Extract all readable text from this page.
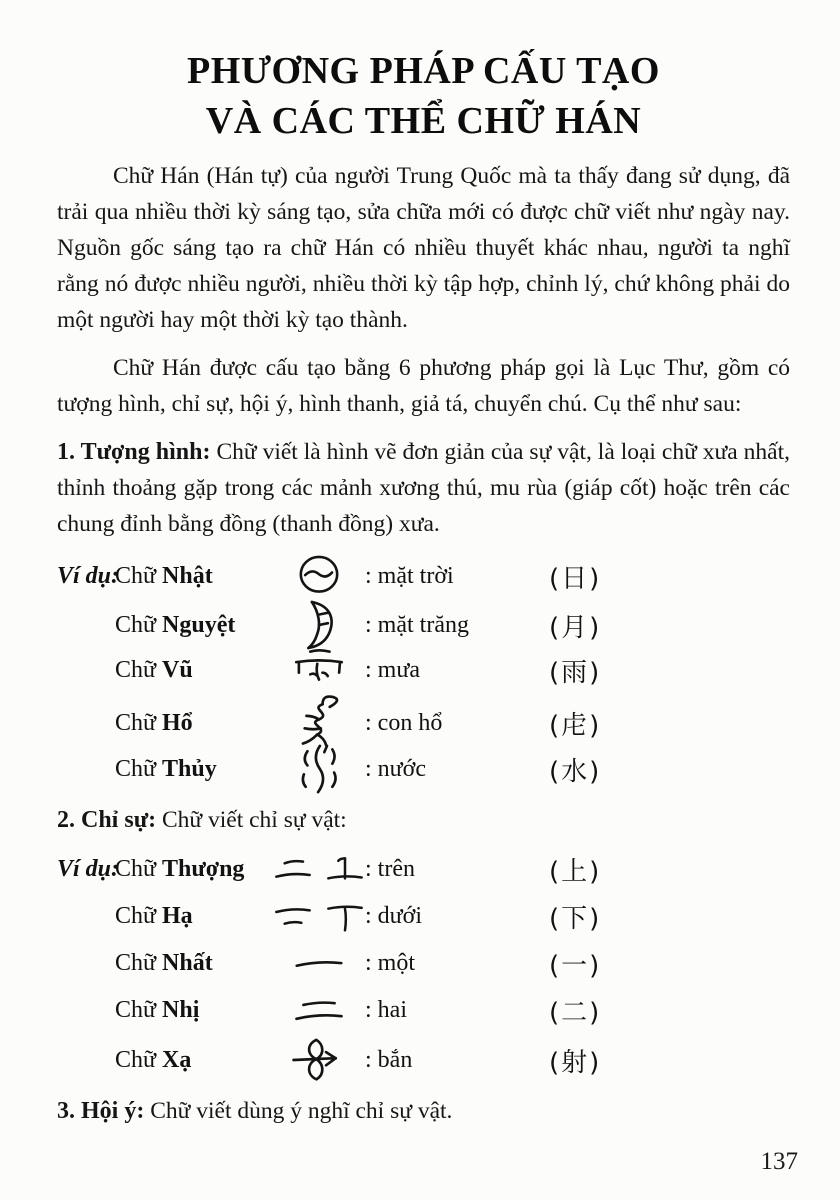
PHƯƠNG PHÁP CẤU TẠO
VÀ CÁC THỂ CHỮ HÁN

Chữ Hán (Hán tự) của người Trung Quốc mà ta thấy đang sử dụng, đã trải qua nhiều thời kỳ sáng tạo, sửa chữa mới có được chữ viết như ngày nay. Nguồn gốc sáng tạo ra chữ Hán có nhiều thuyết khác nhau, người ta nghĩ rằng nó được nhiều người, nhiều thời kỳ tập hợp, chỉnh lý, chứ không phải do một người hay một thời kỳ tạo thành.

Chữ Hán được cấu tạo bằng 6 phương pháp gọi là Lục Thư, gồm có tượng hình, chỉ sự, hội ý, hình thanh, giả tá, chuyển chú. Cụ thể như sau:

1. Tượng hình: Chữ viết là hình vẽ đơn giản của sự vật, là loại chữ xưa nhất, thỉnh thoảng gặp trong các mảnh xương thú, mu rùa (giáp cốt) hoặc trên các chung đỉnh bằng đồng (thanh đồng) xưa.

Ví dụ:
Chữ Nhật	: mặt trời	(日)
Chữ Nguyệt	: mặt trăng	(月)
Chữ Vũ	: mưa	(雨)
Chữ Hổ	: con hổ	(虍)
Chữ Thủy	: nước	(水)

2. Chỉ sự: Chữ viết chỉ sự vật:

Ví dụ:
Chữ Thượng	: trên	(上)
Chữ Hạ	: dưới	(下)
Chữ Nhất	: một	(一)
Chữ Nhị	: hai	(二)
Chữ Xạ	: bắn	(射)

3. Hội ý: Chữ viết dùng ý nghĩ chỉ sự vật.

137
